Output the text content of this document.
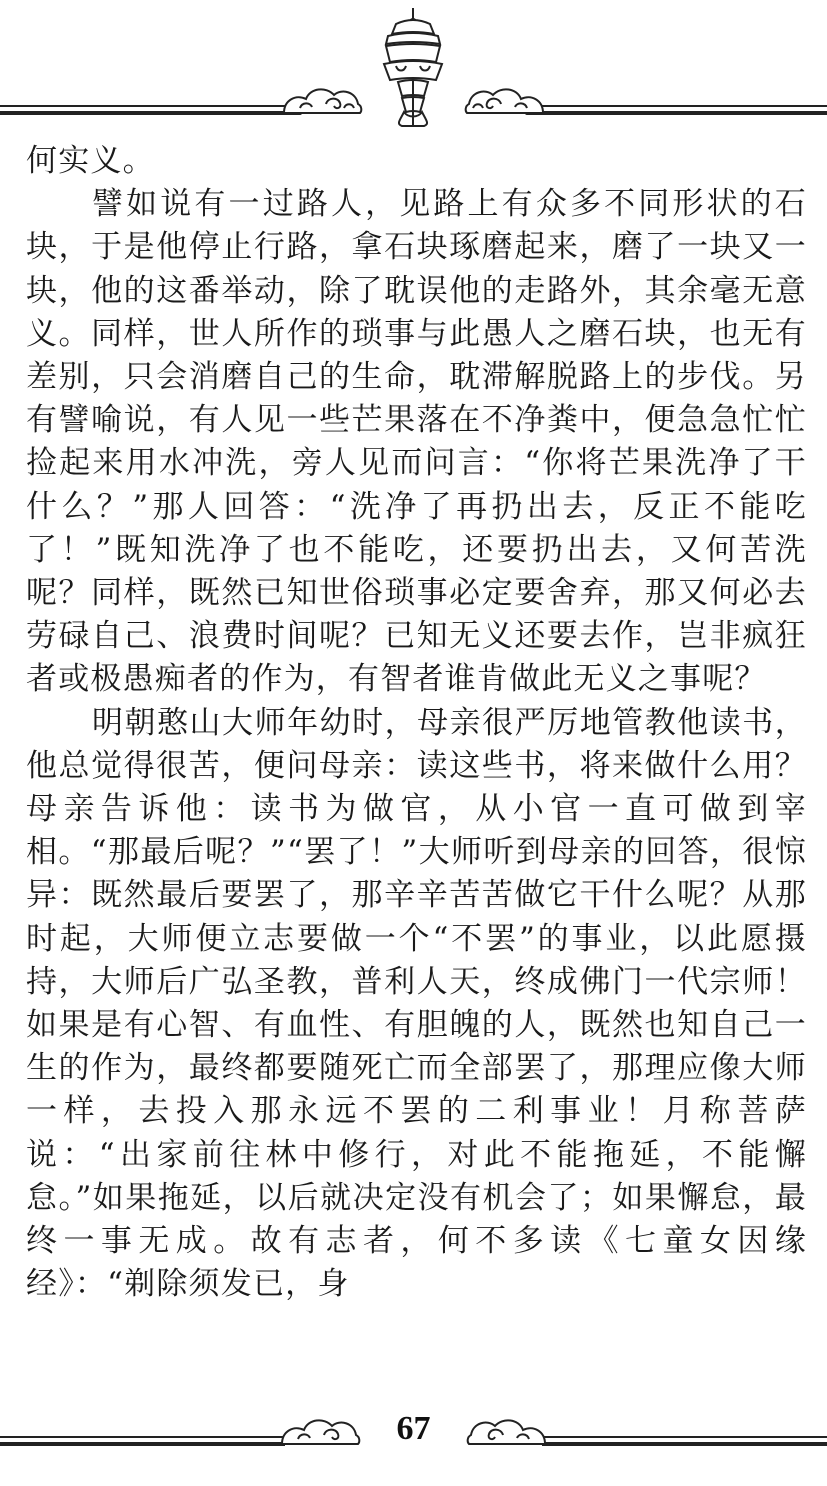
何实义。

譬如说有一过路人，见路上有众多不同形状的石块，于是他停止行路，拿石块琢磨起来，磨了一块又一块，他的这番举动，除了耽误他的走路外，其余毫无意义。同样，世人所作的琐事与此愚人之磨石块，也无有差别，只会消磨自己的生命，耽滞解脱路上的步伐。另有譬喻说，有人见一些芒果落在不净粪中，便急急忙忙捡起来用水冲洗，旁人见而问言：“你将芒果洗净了干什么？”那人回答：“洗净了再扔出去，反正不能吃了！”既知洗净了也不能吃，还要扔出去，又何苦洗呢？同样，既然已知世俗琐事必定要舍弃，那又何必去劳碌自己、浪费时间呢？已知无义还要去作，岂非疯狂者或极愚痴者的作为，有智者谁肯做此无义之事呢？

明朝憨山大师年幼时，母亲很严厉地管教他读书，他总觉得很苦，便问母亲：读这些书，将来做什么用？母亲告诉他：读书为做官，从小官一直可做到宰相。“那最后呢？”“罢了！”大师听到母亲的回答，很惊异：既然最后要罢了，那辛辛苦苦做它干什么呢？从那时起，大师便立志要做一个“不罢”的事业，以此愿摄持，大师后广弘圣教，普利人天，终成佛门一代宗师！如果是有心智、有血性、有胆魄的人，既然也知自己一生的作为，最终都要随死亡而全部罢了，那理应像大师一样，去投入那永远不罢的二利事业！月称菩萨说：“出家前往林中修行，对此不能拖延，不能懈怠。”如果拖延，以后就决定没有机会了；如果懈怠，最终一事无成。故有志者，何不多读《七童女因缘经》：“剃除须发已，身

67
